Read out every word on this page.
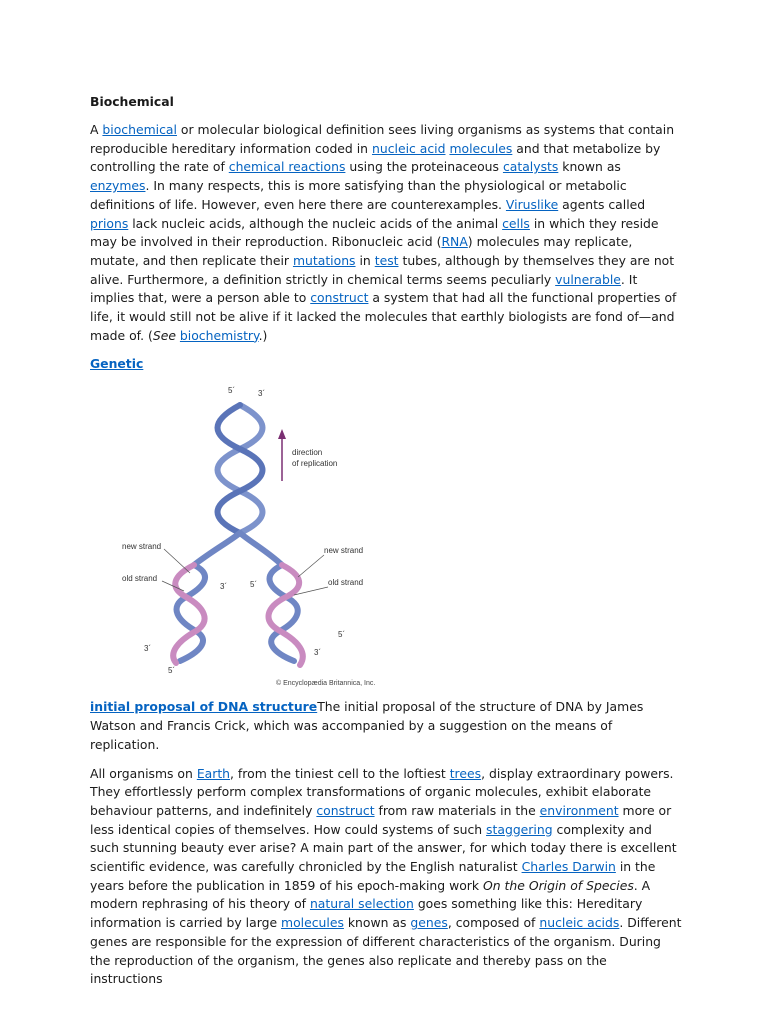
Biochemical

A biochemical or molecular biological definition sees living organisms as systems that contain reproducible hereditary information coded in nucleic acid molecules and that metabolize by controlling the rate of chemical reactions using the proteinaceous catalysts known as enzymes. In many respects, this is more satisfying than the physiological or metabolic definitions of life. However, even here there are counterexamples. Viruslike agents called prions lack nucleic acids, although the nucleic acids of the animal cells in which they reside may be involved in their reproduction. Ribonucleic acid (RNA) molecules may replicate, mutate, and then replicate their mutations in test tubes, although by themselves they are not alive. Furthermore, a definition strictly in chemical terms seems peculiarly vulnerable. It implies that, were a person able to construct a system that had all the functional properties of life, it would still not be alive if it lacked the molecules that earthly biologists are fond of—and made of. (See biochemistry.)

Genetic
5´	3´
direction
of replication
new strand
old strand
new strand
old strand
3´	5´
3´
5´
5´
3´
© Encyclopædia Britannica, Inc.

initial proposal of DNA structureThe initial proposal of the structure of DNA by James Watson and Francis Crick, which was accompanied by a suggestion on the means of replication.

All organisms on Earth, from the tiniest cell to the loftiest trees, display extraordinary powers. They effortlessly perform complex transformations of organic molecules, exhibit elaborate behaviour patterns, and indefinitely construct from raw materials in the environment more or less identical copies of themselves. How could systems of such staggering complexity and such stunning beauty ever arise? A main part of the answer, for which today there is excellent scientific evidence, was carefully chronicled by the English naturalist Charles Darwin in the years before the publication in 1859 of his epoch-making work On the Origin of Species. A modern rephrasing of his theory of natural selection goes something like this: Hereditary information is carried by large molecules known as genes, composed of nucleic acids. Different genes are responsible for the expression of different characteristics of the organism. During the reproduction of the organism, the genes also replicate and thereby pass on the instructions
